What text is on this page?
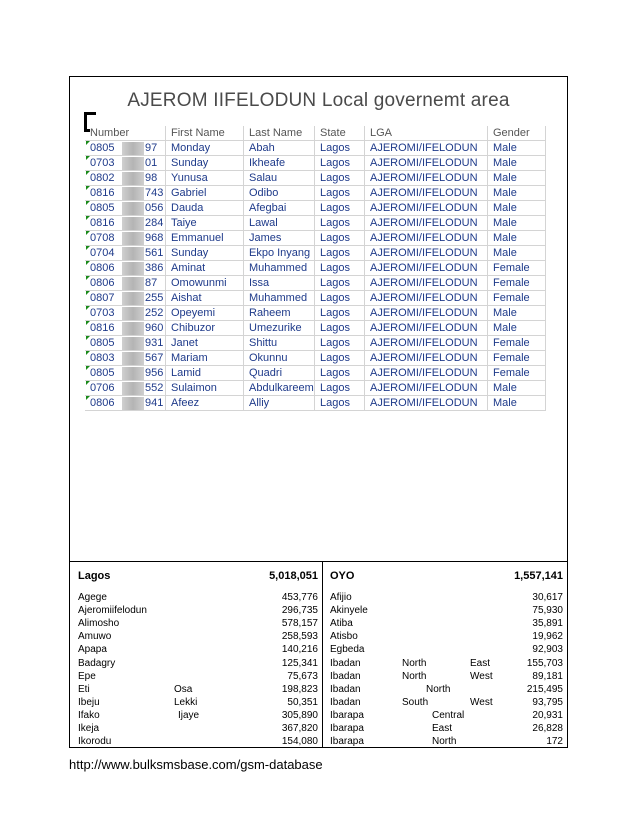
AJEROM IIFELODUN Local governemt area
Number	First Name	Last Name	State	LGA	Gender
0805 97	Monday	Abah	Lagos	AJEROMI/IFELODUN	Male
0703 01	Sunday	Ikheafe	Lagos	AJEROMI/IFELODUN	Male
0802 98	Yunusa	Salau	Lagos	AJEROMI/IFELODUN	Male
0816 743	Gabriel	Odibo	Lagos	AJEROMI/IFELODUN	Male
0805 056	Dauda	Afegbai	Lagos	AJEROMI/IFELODUN	Male
0816 284	Taiye	Lawal	Lagos	AJEROMI/IFELODUN	Male
0708 968	Emmanuel	James	Lagos	AJEROMI/IFELODUN	Male
0704 561	Sunday	Ekpo Inyang	Lagos	AJEROMI/IFELODUN	Male
0806 386	Aminat	Muhammed	Lagos	AJEROMI/IFELODUN	Female
0806 87	Omowunmi	Issa	Lagos	AJEROMI/IFELODUN	Female
0807 255	Aishat	Muhammed	Lagos	AJEROMI/IFELODUN	Female
0703 252	Opeyemi	Raheem	Lagos	AJEROMI/IFELODUN	Male
0816 960	Chibuzor	Umezurike	Lagos	AJEROMI/IFELODUN	Male
0805 931	Janet	Shittu	Lagos	AJEROMI/IFELODUN	Female
0803 567	Mariam	Okunnu	Lagos	AJEROMI/IFELODUN	Female
0805 956	Lamid	Quadri	Lagos	AJEROMI/IFELODUN	Female
0706 552	Sulaimon	Abdulkareem	Lagos	AJEROMI/IFELODUN	Male
0806 941	Afeez	Alliy	Lagos	AJEROMI/IFELODUN	Male
Lagos	5,018,051
Agege	453,776
Ajeromiifelodun	296,735
Alimosho	578,157
Amuwo	258,593
Apapa	140,216
Badagry	125,341
Epe	75,673
Eti	Osa	198,823
Ibeju	Lekki	50,351
Ifako	Ijaye	305,890
Ikeja	367,820
Ikorodu	154,080
OYO	1,557,141
Afijio	30,617
Akinyele	75,930
Atiba	35,891
Atisbo	19,962
Egbeda	92,903
Ibadan	North	East	155,703
Ibadan	North	West	89,181
Ibadan	North	215,495
Ibadan	South	West	93,795
Ibarapa	Central	20,931
Ibarapa	East	26,828
Ibarapa	North	172
http://www.bulksmsbase.com/gsm-database
